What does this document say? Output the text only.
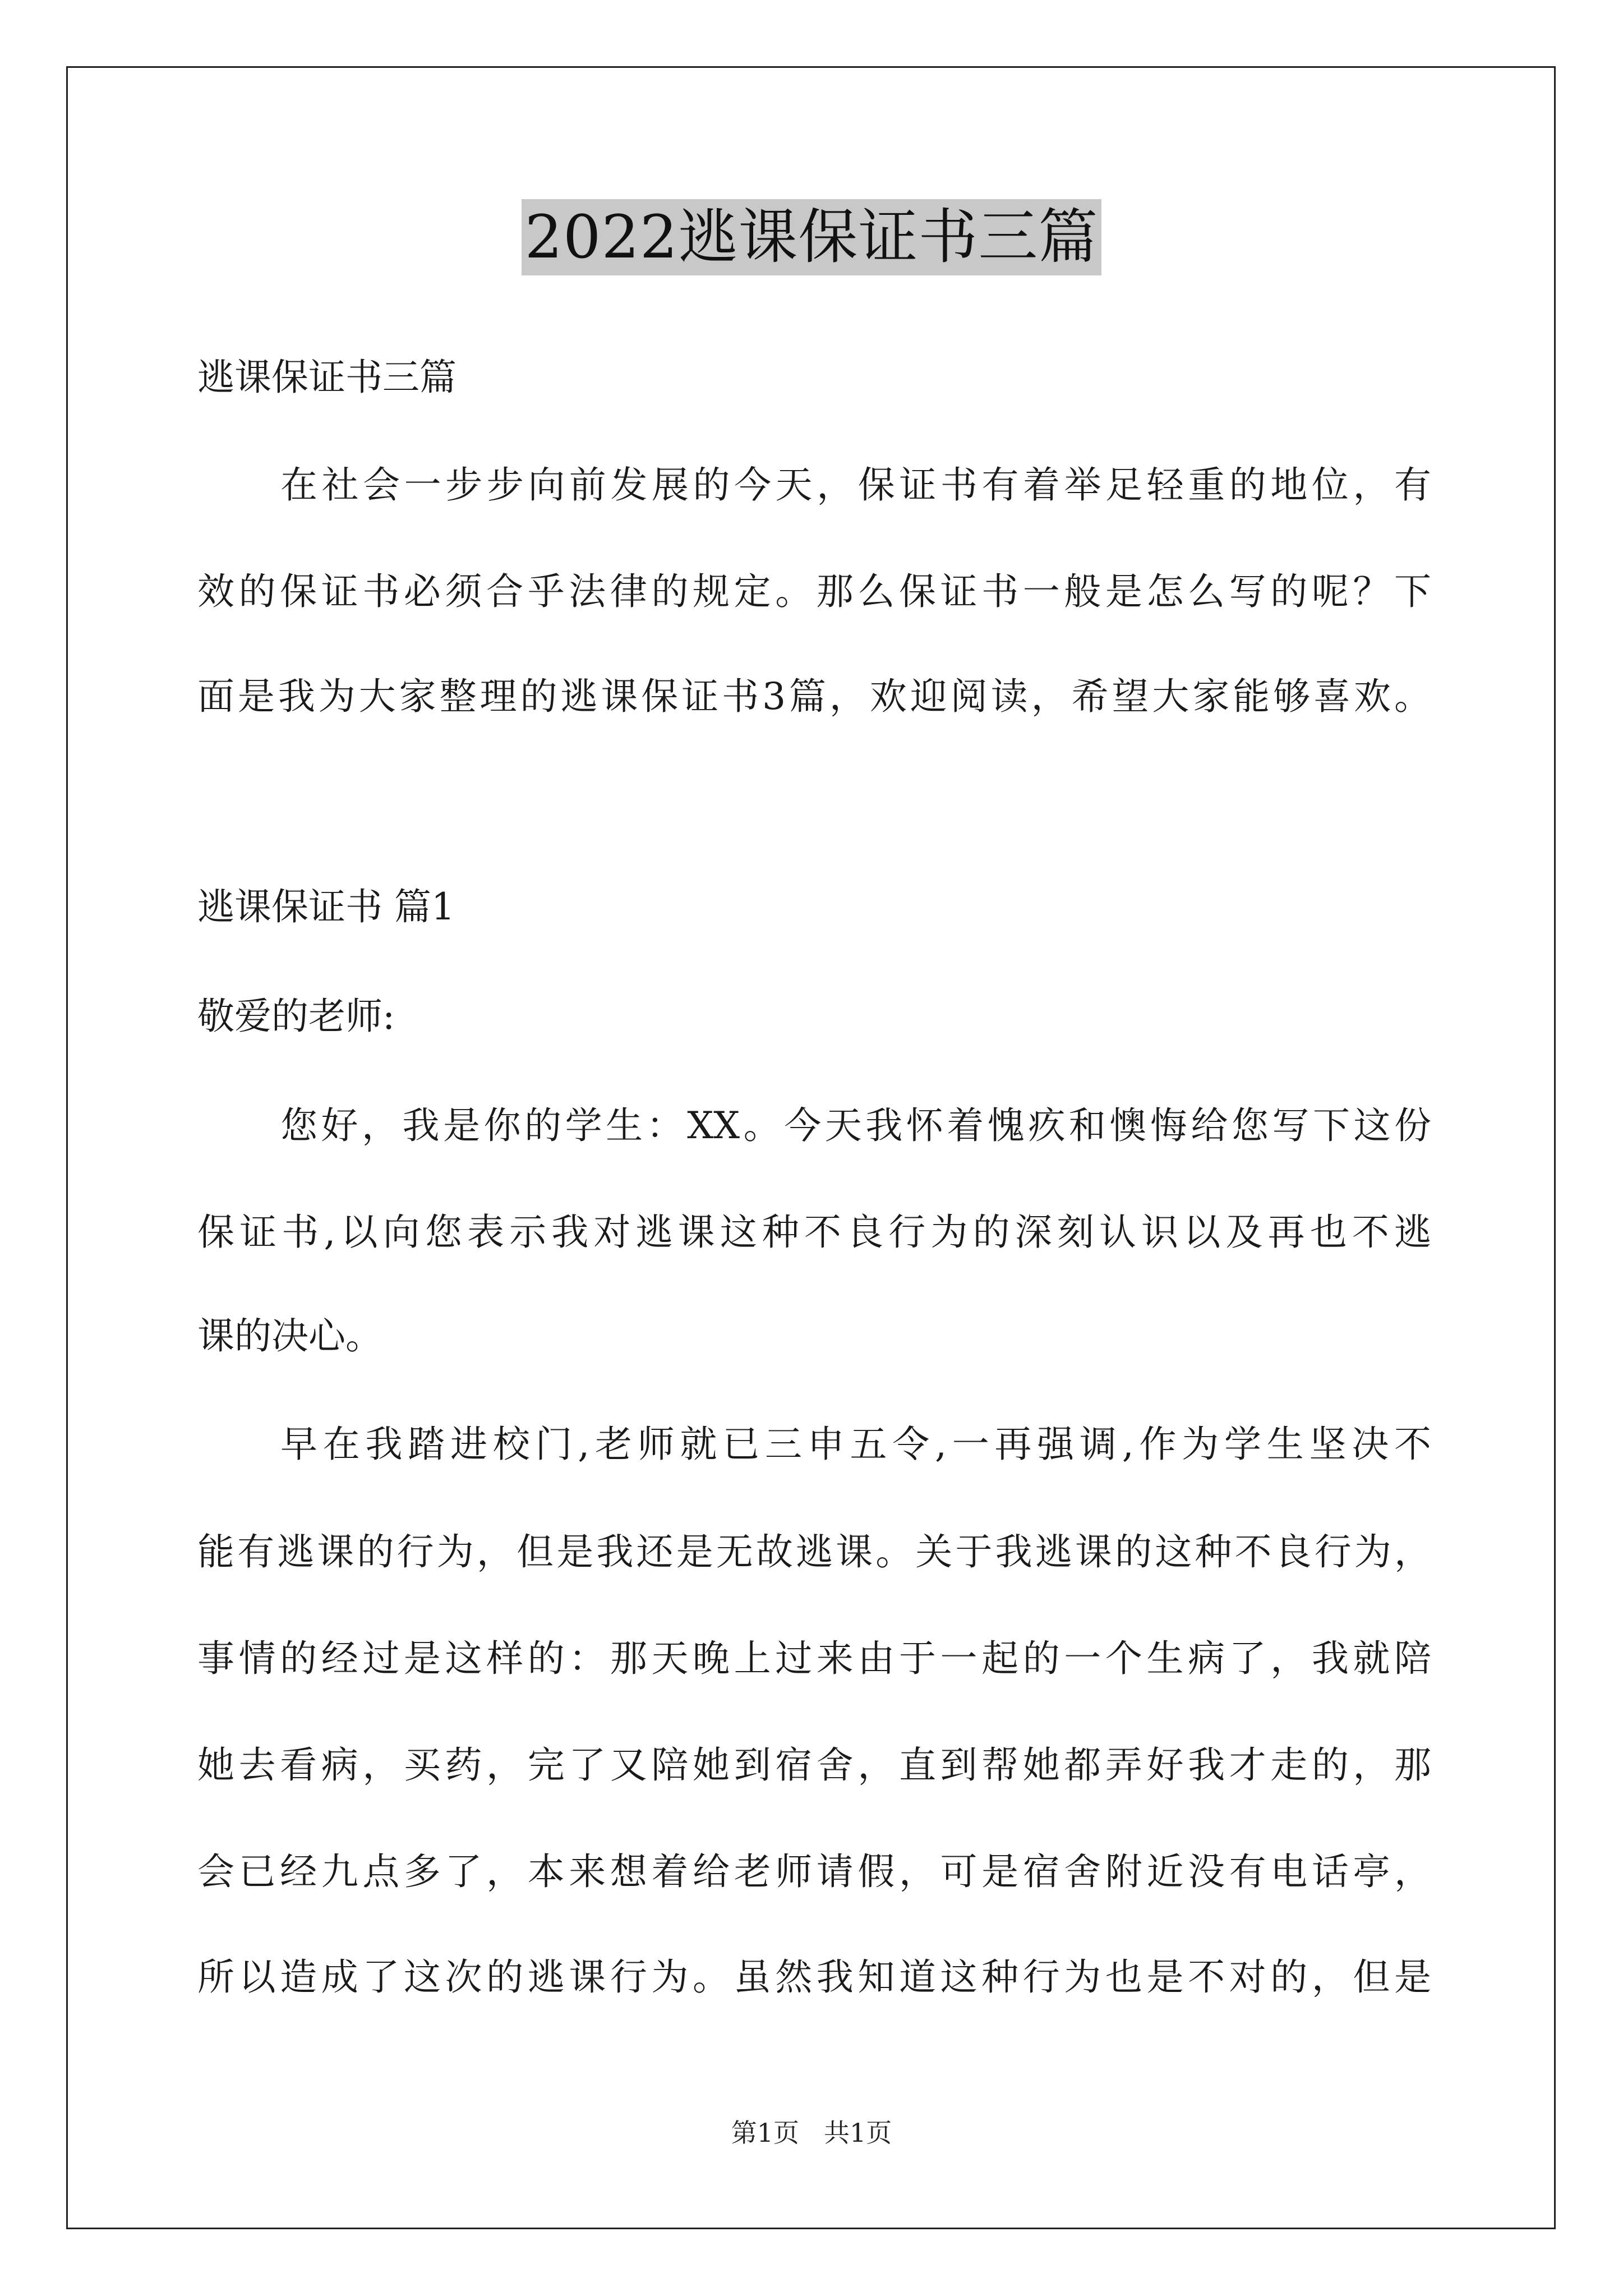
2022逃课保证书三篇
逃课保证书三篇
在社会一步步向前发展的今天，保证书有着举足轻重的地位，有
效的保证书必须合乎法律的规定。那么保证书一般是怎么写的呢？下
面是我为大家整理的逃课保证书3篇，欢迎阅读，希望大家能够喜欢。
逃课保证书 篇1
敬爱的老师:
您好，我是你的学生：XX。今天我怀着愧疚和懊悔给您写下这份
保证书,以向您表示我对逃课这种不良行为的深刻认识以及再也不逃
课的决心。
早在我踏进校门,老师就已三申五令,一再强调,作为学生坚决不
能有逃课的行为，但是我还是无故逃课。关于我逃课的这种不良行为，
事情的经过是这样的：那天晚上过来由于一起的一个生病了，我就陪
她去看病，买药，完了又陪她到宿舍，直到帮她都弄好我才走的，那
会已经九点多了，本来想着给老师请假，可是宿舍附近没有电话亭，
所以造成了这次的逃课行为。虽然我知道这种行为也是不对的，但是
第1页 共1页
